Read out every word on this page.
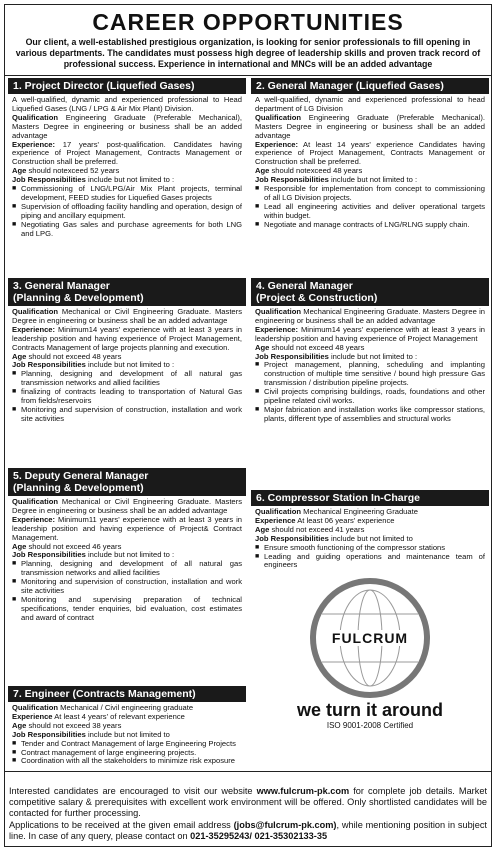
CAREER OPPORTUNITIES
Our client, a well-established prestigious organization, is looking for senior professionals to fill opening in various departments. The candidates must possess high degree of leadership skills and proven track record of professional success. Experience in international and MNCs will be an added advantage
1. Project Director (Liquefied Gases)

A well-qualified, dynamic and experienced professional to Head Liquefied Gases (LNG / LPG & Air Mix Plant) Division.

Qualification Engineering Graduate (Preferable Mechanical), Masters Degree in engineering or business shall be an added advantage

Experience: 17 years' post-qualification. Candidates having experience of Project Management, Contracts Management or Construction shall be preferred.

Age should notexceed 52 years

Job Responsibilities include but not limited to :

■ Commissioning of LNG/LPG/Air Mix Plant projects, terminal development, FEED studies for Liquefied Gases projects
■ Supervision of offloading facility handling and operation, design of piping and ancillary equipment.
■ Negotiating Gas sales and purchase agreements for both LNG and LPG.
3. General Manager
(Planning & Development)

Qualification Mechanical or Civil Engineering Graduate. Masters Degree in engineering or business shall be an added advantage

Experience: Minimum14 years' experience with at least 3 years in leadership position and having experience of Project Management, Contracts Management of large projects planning and execution.

Age should not exceed 48 years

Job Responsibilities include but not limited to :

■ Planning, designing and development of all natural gas transmission networks and allied facilities
■ finalizing of contracts leading to transportation of Natural Gas from fields/reservoirs
■ Monitoring and supervision of construction, installation and work site activities
5. Deputy General Manager
(Planning & Development)

Qualification Mechanical or Civil Engineering Graduate. Masters Degree in engineering or business shall be an added advantage

Experience: Minimum11 years' experience with at least 3 years in leadership position and having experience of Project& Contract Management.

Age should not exceed 46 years

Job Responsibilities include but not limited to :

■ Planning, designing and development of all natural gas transmission networks and allied facilities
■ Monitoring and supervision of construction, installation and work site activities
■ Monitoring and supervising preparation of technical specifications, tender enquiries, bid evaluation, cost estimates and award of contract
7. Engineer (Contracts Management)

Qualification Mechanical / Civil engineering graduate

Experience At least 4 years' of relevant experience

Age should not exceed 38 years

Job Responsibilities include but not limited to

■ Tender and Contract Management of large Engineering Projects
■ Contract management of large engineering projects.
■ Coordination with all the stakeholders to minimize risk exposure
2. General Manager (Liquefied Gases)

A well-qualified, dynamic and experienced professional to head department of LG Division

Qualification Engineering Graduate (Preferable Mechanical). Masters Degree in engineering or business shall be an added advantage

Experience: At least 14 years' experience Candidates having experience of Project Management, Contracts Management or Construction shall be preferred.

Age should notexceed 48 years

Job Responsibilities include but not limited to :

■ Responsible for implementation from concept to commissioning of all LG Division projects.
■ Lead all engineering activities and deliver operational targets within budget.
■ Negotiate and manage contracts of LNG/RLNG supply chain.
4. General Manager
(Project & Construction)

Qualification Mechanical Engineering Graduate. Masters Degree in engineering or business shall be an added advantage

Experience: Minimum14 years' experience with at least 3 years in leadership position and having experience of Project Management

Age should not exceed 48 years

Job Responsibilities include but not limited to :

■ Project management, planning, scheduling and implanting construction of multiple time sensitive / bound high pressure Gas transmission / distribution pipeline projects.
■ Civil projects comprising buildings, roads, foundations and other pipeline related civil works.
■ Major fabrication and installation works like compressor stations, plants, different type of assemblies and structural works
6. Compressor Station In-Charge

Qualification Mechanical Engineering Graduate

Experience At least 06 years' experience

Age should not exceed 41 years

Job Responsibilities include but not limited to

■ Ensure smooth functioning of the compressor stations
■ Leading and guiding operations and maintenance team of engineers
FULCRUM
we turn it around
ISO 9001-2008 Certified

Interested candidates are encouraged to visit our website www.fulcrum-pk.com for complete job details. Market competitive salary & prerequisites with excellent work environment will be offered. Only shortlisted candidates will be contacted for further processing.

Applications to be received at the given email address (jobs@fulcrum-pk.com), while mentioning position in subject line. In case of any query, please contact on 021-35295243/ 021-35302133-35
